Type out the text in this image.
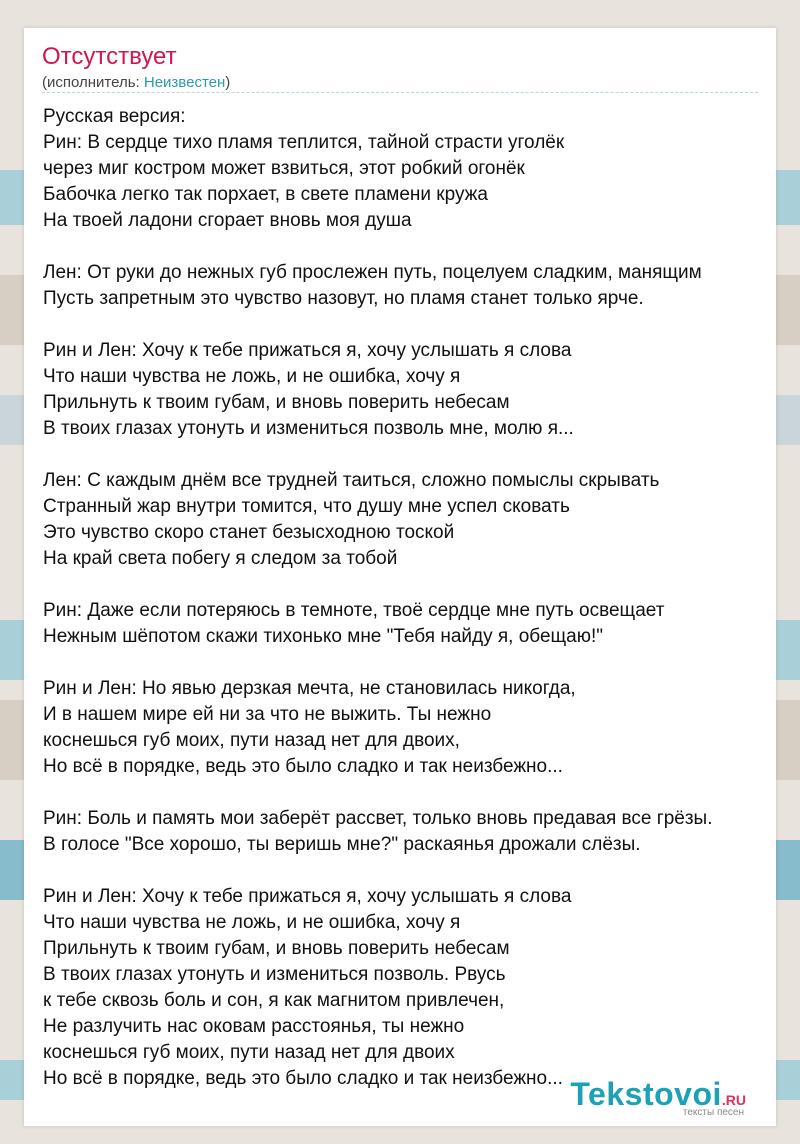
Отсутствует
(исполнитель: Неизвестен)
Русская версия:
Рин: В сердце тихо пламя теплится, тайной страсти уголёк
через миг костром может взвиться, этот робкий огонёк
Бабочка легко так порхает, в свете пламени кружа
На твоей ладони сгорает вновь моя душа
Лен: От руки до нежных губ прослежен путь, поцелуем сладким, манящим
Пусть запретным это чувство назовут, но пламя станет только ярче.
Рин и Лен: Хочу к тебе прижаться я, хочу услышать я слова
Что наши чувства не ложь, и не ошибка, хочу я
Прильнуть к твоим губам, и вновь поверить небесам
В твоих глазах утонуть и измениться позволь мне, молю я...
Лен: С каждым днём все трудней таиться, сложно помыслы скрывать
Странный жар внутри томится, что душу мне успел сковать
Это чувство скоро станет безысходною тоской
На край света побегу я следом за тобой
Рин: Даже если потеряюсь в темноте, твоё сердце мне путь освещает
Нежным шёпотом скажи тихонько мне "Тебя найду я, обещаю!"
Рин и Лен: Но явью дерзкая мечта, не становилась никогда,
И в нашем мире ей ни за что не выжить. Ты нежно
коснешься губ моих, пути назад нет для двоих,
Но всё в порядке, ведь это было сладко и так неизбежно...
Рин: Боль и память мои заберёт рассвет, только вновь предавая все грёзы.
В голосе "Все хорошо, ты веришь мне?" раскаянья дрожали слёзы.
Рин и Лен: Хочу к тебе прижаться я, хочу услышать я слова
Что наши чувства не ложь, и не ошибка, хочу я
Прильнуть к твоим губам, и вновь поверить небесам
В твоих глазах утонуть и измениться позволь. Рвусь
к тебе сквозь боль и сон, я как магнитом привлечен,
Не разлучить нас оковам расстоянья, ты нежно
коснешься губ моих, пути назад нет для двоих
Но всё в порядке, ведь это было сладко и так неизбежно... Tekstovoi.RU
тексты песен
